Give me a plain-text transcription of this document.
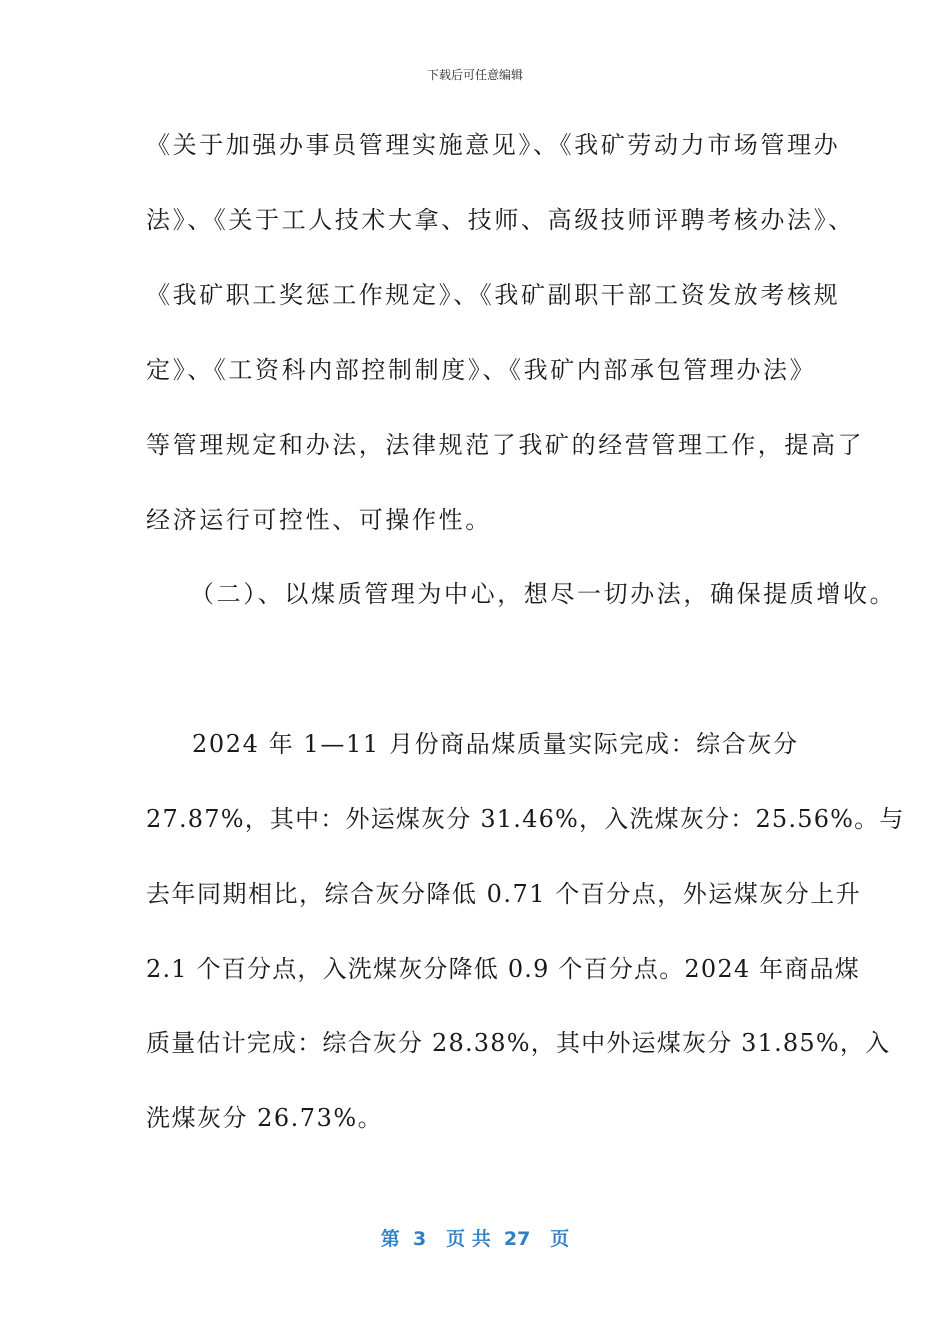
下载后可任意编辑
《关于加强办事员管理实施意见》、《我矿劳动力市场管理办
法》、《关于工人技术大拿、技师、高级技师评聘考核办法》、
《我矿职工奖惩工作规定》、《我矿副职干部工资发放考核规
定》、《工资科内部控制制度》、《我矿内部承包管理办法》
等管理规定和办法，法律规范了我矿的经营管理工作，提高了
经济运行可控性、可操作性。
（二）、以煤质管理为中心，想尽一切办法，确保提质增收。
2024 年 1—11 月份商品煤质量实际完成：综合灰分
27.87%，其中：外运煤灰分 31.46%，入洗煤灰分：25.56%。与
去年同期相比，综合灰分降低 0.71 个百分点，外运煤灰分上升
2.1 个百分点，入洗煤灰分降低 0.9 个百分点。2024 年商品煤
质量估计完成：综合灰分 28.38%，其中外运煤灰分 31.85%，入
洗煤灰分 26.73%。
第  3   页 共  27   页
